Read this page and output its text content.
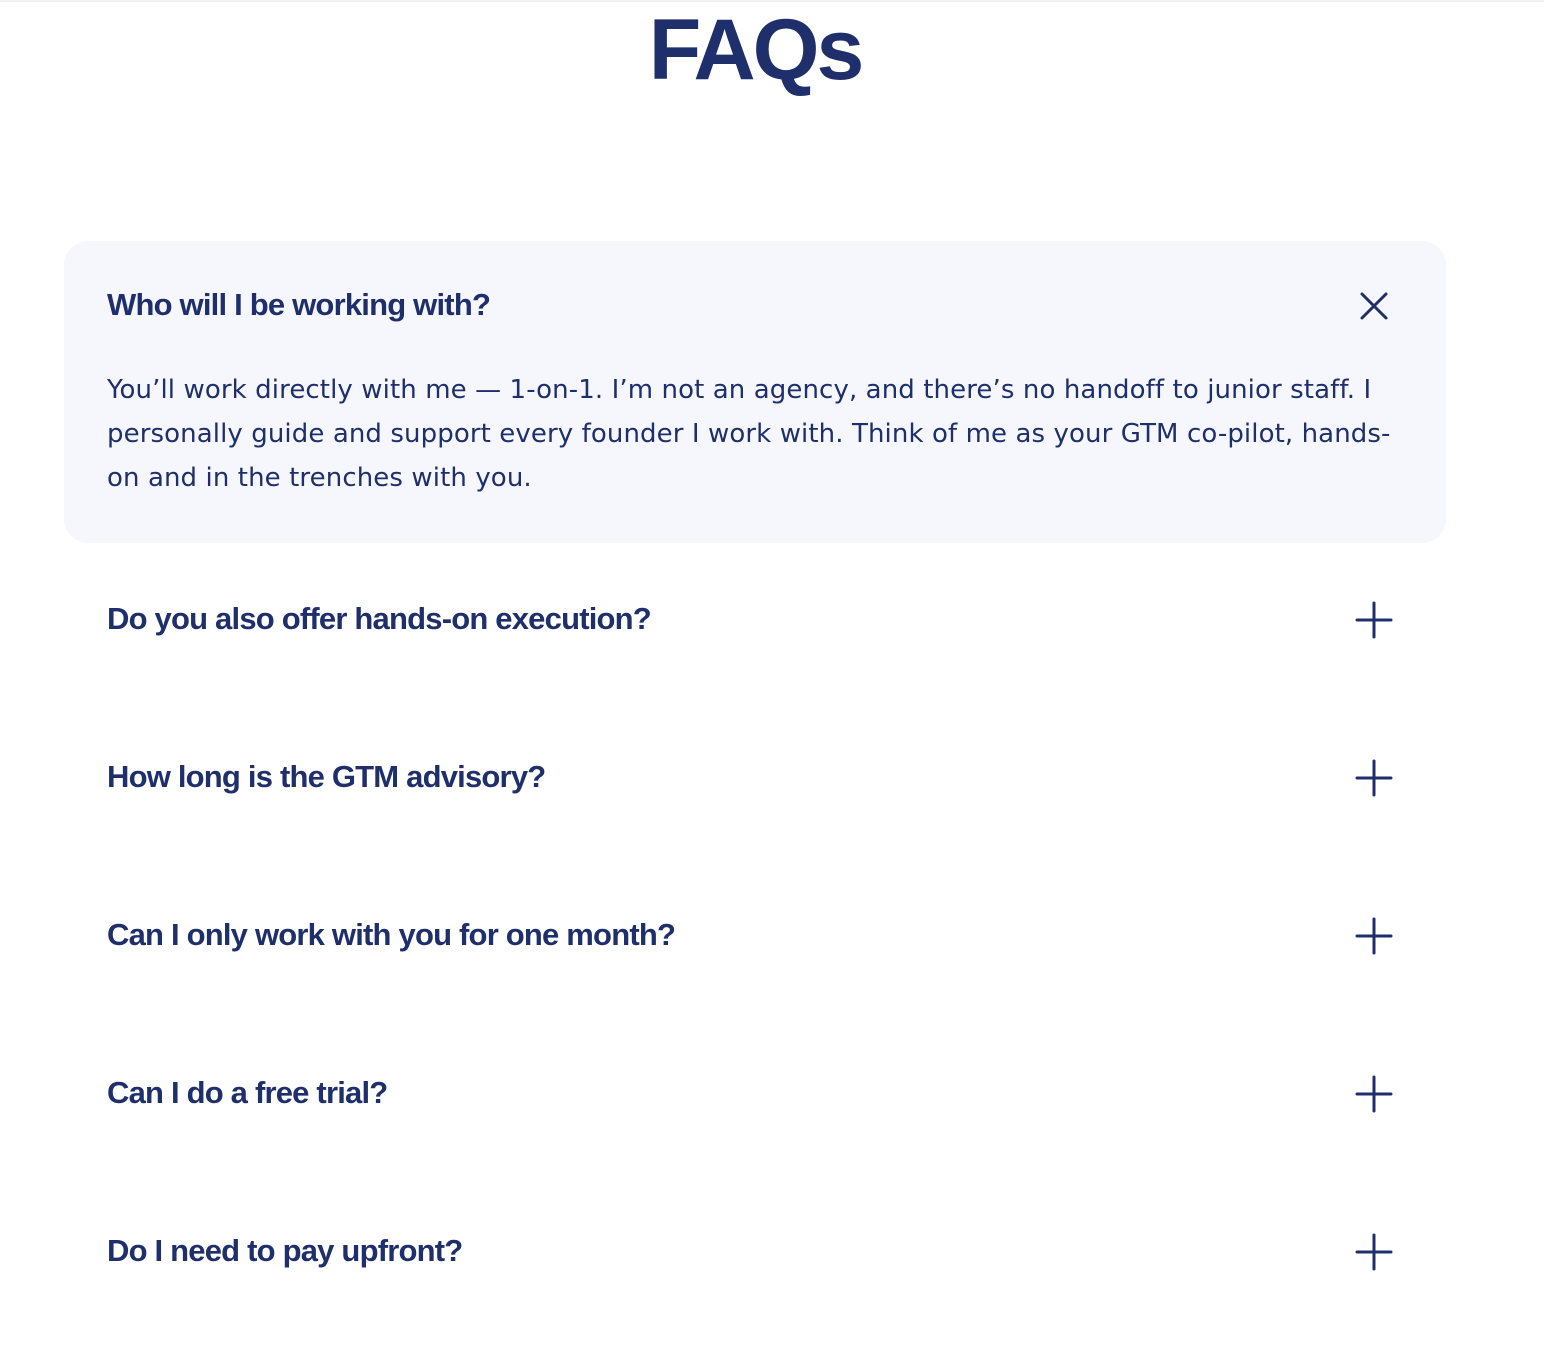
FAQs
Who will I be working with?

You’ll work directly with me — 1-on-1. I’m not an agency, and there’s no handoff to junior staff. I personally guide and support every founder I work with. Think of me as your GTM co-pilot, hands-on and in the trenches with you.

Do you also offer hands-on execution?
How long is the GTM advisory?
Can I only work with you for one month?
Can I do a free trial?
Do I need to pay upfront?
